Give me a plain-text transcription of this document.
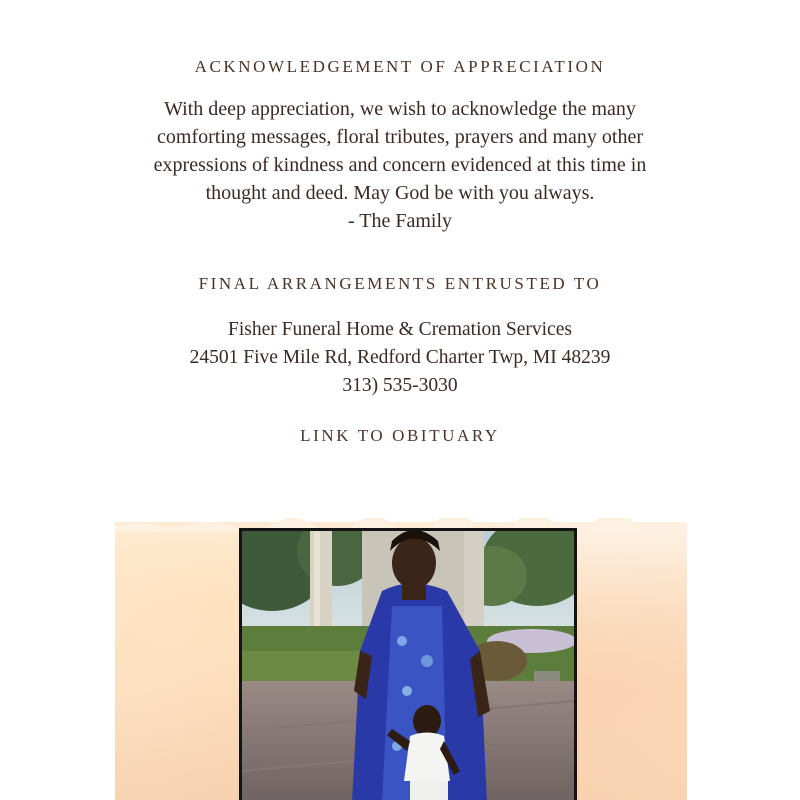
ACKNOWLEDGEMENT OF APPRECIATION
With deep appreciation, we wish to acknowledge the many
comforting messages, floral tributes, prayers and many other
expressions of kindness and concern evidenced at this time in
thought and deed. May God be with you always.
- The Family
FINAL ARRANGEMENTS ENTRUSTED TO
Fisher Funeral Home & Cremation Services
24501 Five Mile Rd, Redford Charter Twp, MI 48239
313) 535-3030
LINK TO OBITUARY
